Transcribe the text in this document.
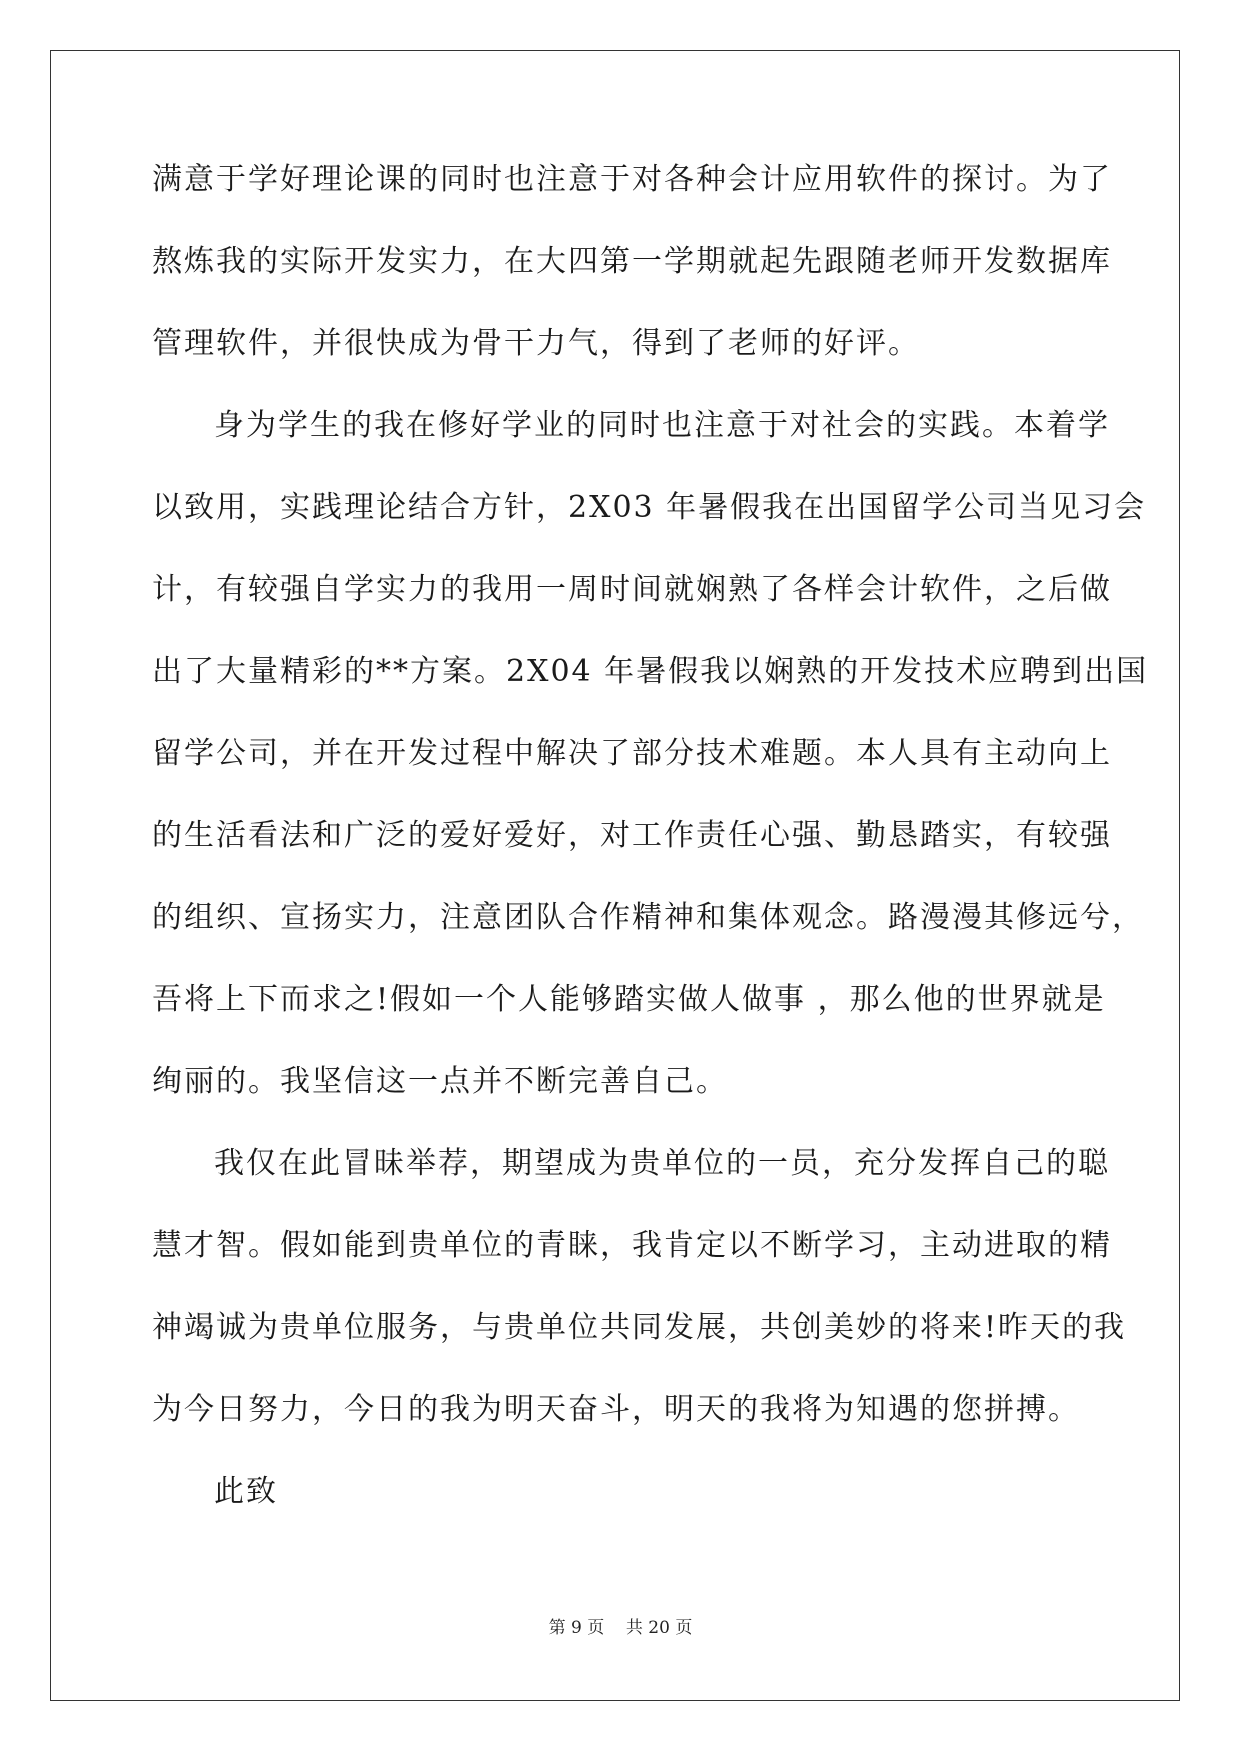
满意于学好理论课的同时也注意于对各种会计应用软件的探讨。为了
熬炼我的实际开发实力，在大四第一学期就起先跟随老师开发数据库
管理软件，并很快成为骨干力气，得到了老师的好评。
身为学生的我在修好学业的同时也注意于对社会的实践。本着学
以致用，实践理论结合方针，2X03 年暑假我在出国留学公司当见习会
计，有较强自学实力的我用一周时间就娴熟了各样会计软件，之后做
出了大量精彩的**方案。2X04 年暑假我以娴熟的开发技术应聘到出国
留学公司，并在开发过程中解决了部分技术难题。本人具有主动向上
的生活看法和广泛的爱好爱好，对工作责任心强、勤恳踏实，有较强
的组织、宣扬实力，注意团队合作精神和集体观念。路漫漫其修远兮，
吾将上下而求之!假如一个人能够踏实做人做事 ，那么他的世界就是
绚丽的。我坚信这一点并不断完善自己。
我仅在此冒昧举荐，期望成为贵单位的一员，充分发挥自己的聪
慧才智。假如能到贵单位的青睐，我肯定以不断学习，主动进取的精
神竭诚为贵单位服务，与贵单位共同发展，共创美妙的将来!昨天的我
为今日努力，今日的我为明天奋斗，明天的我将为知遇的您拼搏。
此致
第 9 页    共 20 页
